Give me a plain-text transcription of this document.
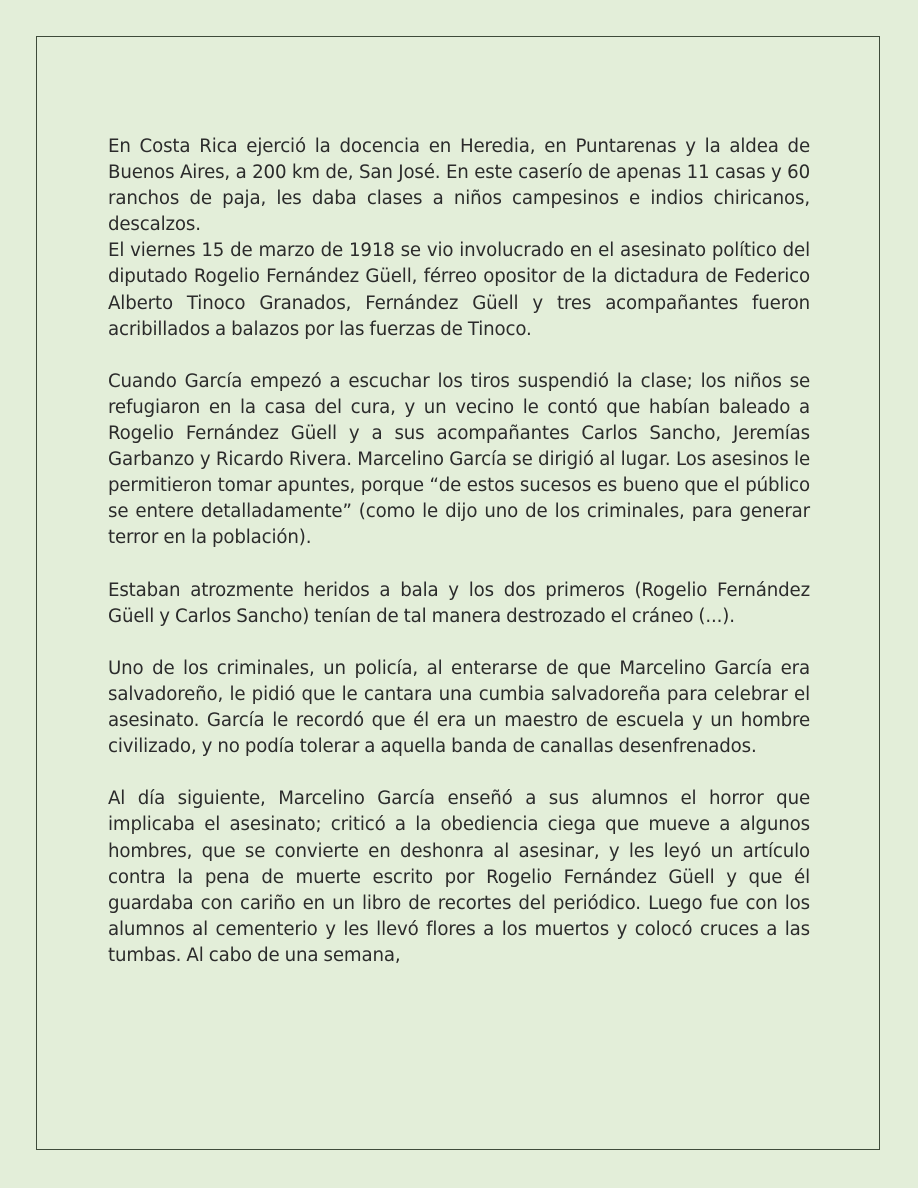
En Costa Rica ejerció la docencia en Heredia, en Puntarenas y la aldea de Buenos Aires, a 200 km de, San José. En este caserío de apenas 11 casas y 60 ranchos de paja, les daba clases a niños campesinos e indios chiricanos, descalzos.

El viernes 15 de marzo de 1918 se vio involucrado en el asesinato político del diputado Rogelio Fernández Güell, férreo opositor de la dictadura de Federico Alberto Tinoco Granados, Fernández Güell y tres acompañantes fueron acribillados a balazos por las fuerzas de Tinoco.

Cuando García empezó a escuchar los tiros suspendió la clase; los niños se refugiaron en la casa del cura, y un vecino le contó que habían baleado a Rogelio Fernández Güell y a sus acompañantes Carlos Sancho, Jeremías Garbanzo y Ricardo Rivera. Marcelino García se dirigió al lugar. Los asesinos le permitieron tomar apuntes, porque “de estos sucesos es bueno que el público se entere detalladamente” (como le dijo uno de los criminales, para generar terror en la población).

Estaban atrozmente heridos a bala y los dos primeros (Rogelio Fernández Güell y Carlos Sancho) tenían de tal manera destrozado el cráneo (...).

Uno de los criminales, un policía, al enterarse de que Marcelino García era salvadoreño, le pidió que le cantara una cumbia salvadoreña para celebrar el asesinato. García le recordó que él era un maestro de escuela y un hombre civilizado, y no podía tolerar a aquella banda de canallas desenfrenados.

Al día siguiente, Marcelino García enseñó a sus alumnos el horror que implicaba el asesinato; criticó a la obediencia ciega que mueve a algunos hombres, que se convierte en deshonra al asesinar, y les leyó un artículo contra la pena de muerte escrito por Rogelio Fernández Güell y que él guardaba con cariño en un libro de recortes del periódico. Luego fue con los alumnos al cementerio y les llevó flores a los muertos y colocó cruces a las tumbas. Al cabo de una semana,
